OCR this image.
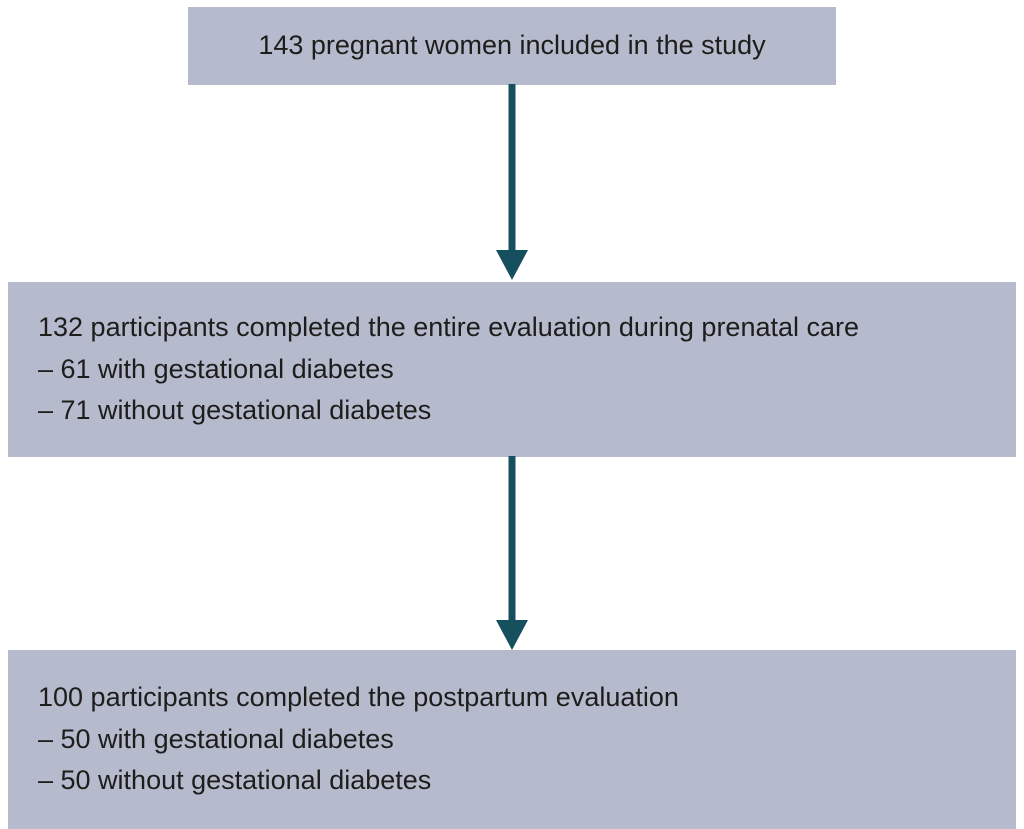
143 pregnant women included in the study
132 participants completed the entire evaluation during prenatal care
– 61 with gestational diabetes
– 71 without gestational diabetes
100 participants completed the postpartum evaluation
– 50 with gestational diabetes
– 50 without gestational diabetes
